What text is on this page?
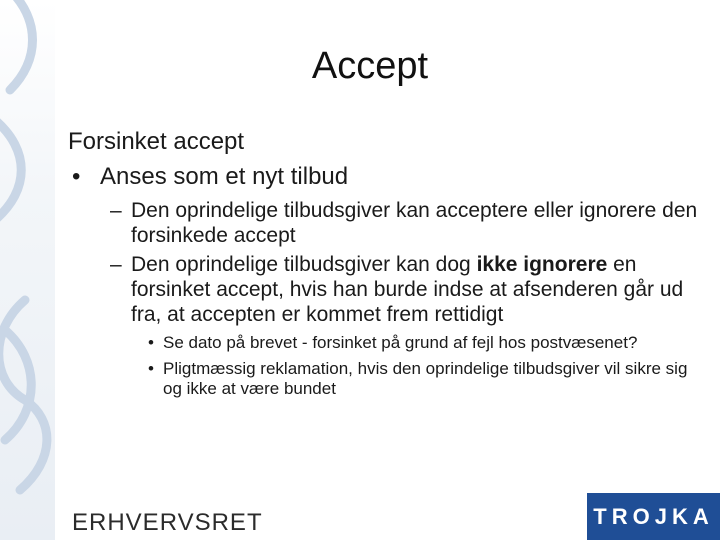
Accept
Forsinket accept
• Anses som et nyt tilbud
– Den oprindelige tilbudsgiver kan acceptere eller ignorere den forsinkede accept
– Den oprindelige tilbudsgiver kan dog ikke ignorere en forsinket accept, hvis han burde indse at afsenderen går ud fra, at accepten er kommet frem rettidigt
• Se dato på brevet - forsinket på grund af fejl hos postvæsenet?
• Pligtmæssig reklamation, hvis den oprindelige tilbudsgiver vil sikre sig og ikke at være bundet
ERHVERVSRET	TROJKA
